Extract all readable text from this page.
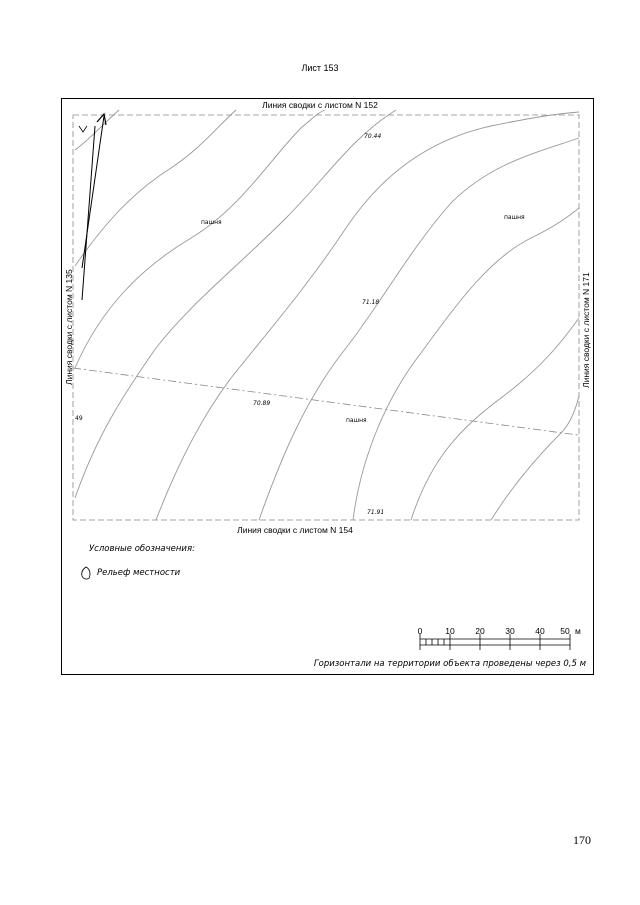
Лист 153
70.44
71.18
70.89
71.91
пашня
пашня
пашня
49
Линия сводки с листом N 152
Линия сводки с листом N 154
Линия сводки с листом N 135	Линия сводки с листом N 171
Условные обозначения:
Рельеф местности
0	10	20	30	40	50 м
Горизонтали на территории объекта проведены через 0,5 м
170
